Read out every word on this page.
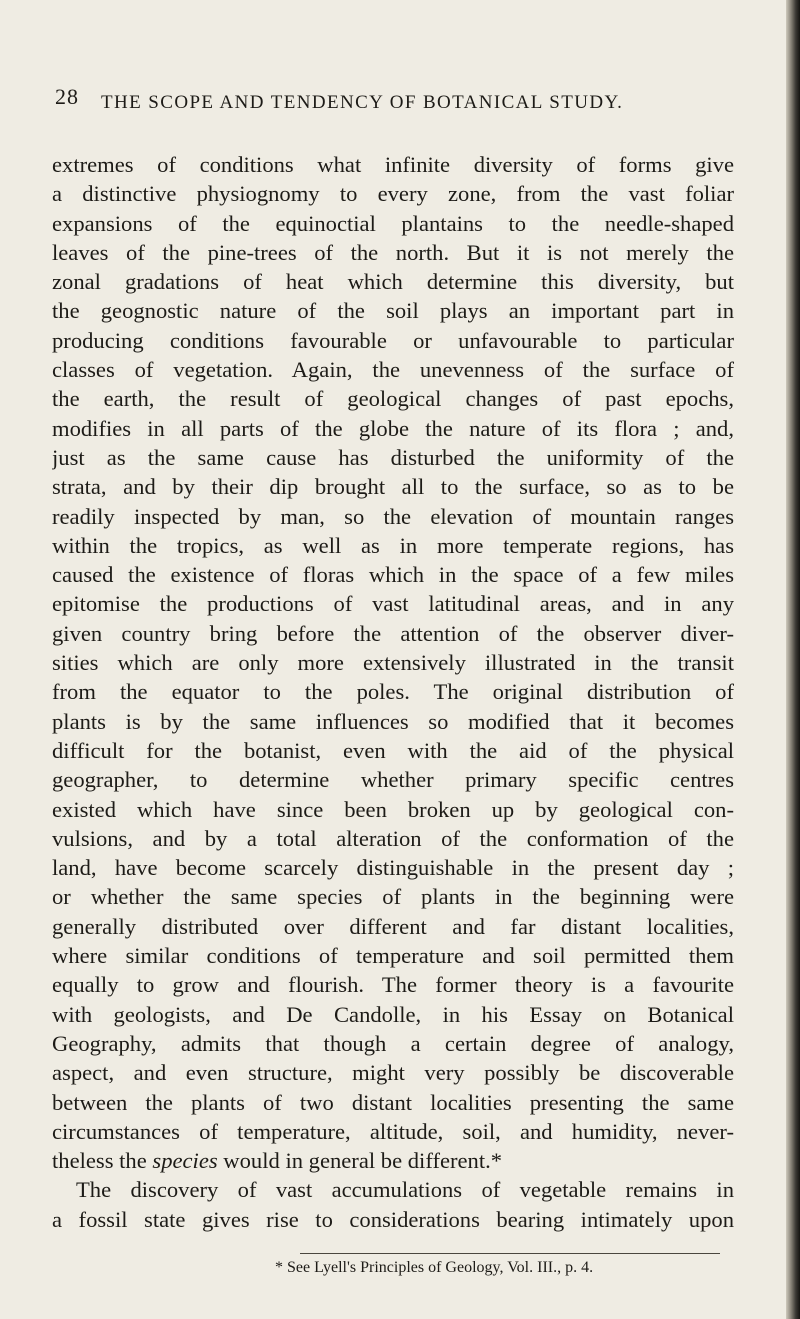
28 THE SCOPE AND TENDENCY OF BOTANICAL STUDY.
extremes of conditions what infinite diversity of forms give
a distinctive physiognomy to every zone, from the vast foliar
expansions of the equinoctial plantains to the needle-shaped
leaves of the pine-trees of the north. But it is not merely the
zonal gradations of heat which determine this diversity, but
the geognostic nature of the soil plays an important part in
producing conditions favourable or unfavourable to particular
classes of vegetation. Again, the unevenness of the surface of
the earth, the result of geological changes of past epochs,
modifies in all parts of the globe the nature of its flora ; and,
just as the same cause has disturbed the uniformity of the
strata, and by their dip brought all to the surface, so as to be
readily inspected by man, so the elevation of mountain ranges
within the tropics, as well as in more temperate regions, has
caused the existence of floras which in the space of a few miles
epitomise the productions of vast latitudinal areas, and in any
given country bring before the attention of the observer diver-
sities which are only more extensively illustrated in the transit
from the equator to the poles. The original distribution of
plants is by the same influences so modified that it becomes
difficult for the botanist, even with the aid of the physical
geographer, to determine whether primary specific centres
existed which have since been broken up by geological con-
vulsions, and by a total alteration of the conformation of the
land, have become scarcely distinguishable in the present day ;
or whether the same species of plants in the beginning were
generally distributed over different and far distant localities,
where similar conditions of temperature and soil permitted them
equally to grow and flourish. The former theory is a favourite
with geologists, and De Candolle, in his Essay on Botanical
Geography, admits that though a certain degree of analogy,
aspect, and even structure, might very possibly be discoverable
between the plants of two distant localities presenting the same
circumstances of temperature, altitude, soil, and humidity, never-
theless the species would in general be different.*
The discovery of vast accumulations of vegetable remains in
a fossil state gives rise to considerations bearing intimately upon
* See Lyell's Principles of Geology, Vol. III., p. 4.
